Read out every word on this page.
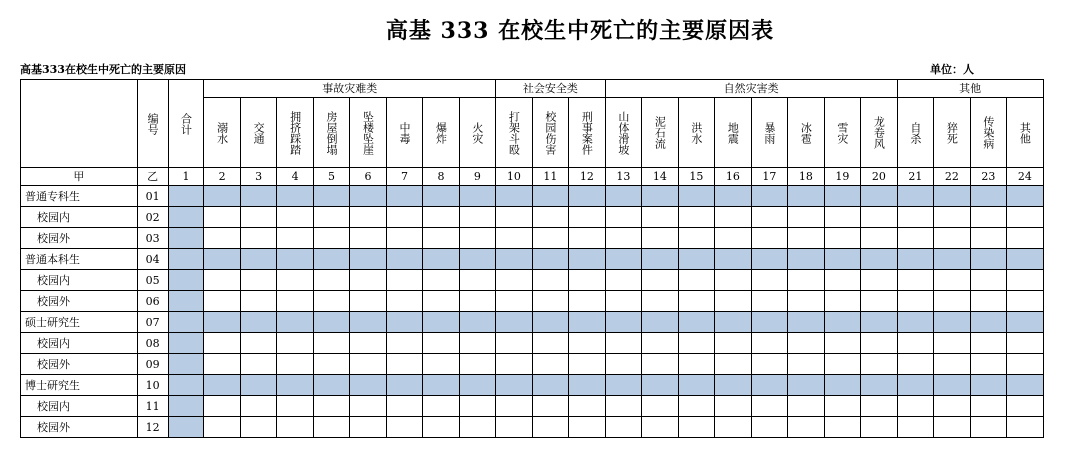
高基 333 在校生中死亡的主要原因表
高基333在校生中死亡的主要原因	单位：人
	编号	合计	事故灾难类								社会安全类			自然灾害类								其他			
			溺水	交通	拥挤踩踏	房屋倒塌	坠楼坠崖	中毒	爆炸	火灾	打架斗殴	校园伤害	刑事案件	山体滑坡	泥石流	洪水	地震	暴雨	冰雹	雪灾	龙卷风	自杀	猝死	传染病	其他
甲	乙	1	2	3	4	5	6	7	8	9	10	11	12	13	14	15	16	17	18	19	20	21	22	23	24
普通专科生	01																								
校园内	02																								
校园外	03																								
普通本科生	04																								
校园内	05																								
校园外	06																								
硕士研究生	07																								
校园内	08																								
校园外	09																								
博士研究生	10																								
校园内	11																								
校园外	12																								
